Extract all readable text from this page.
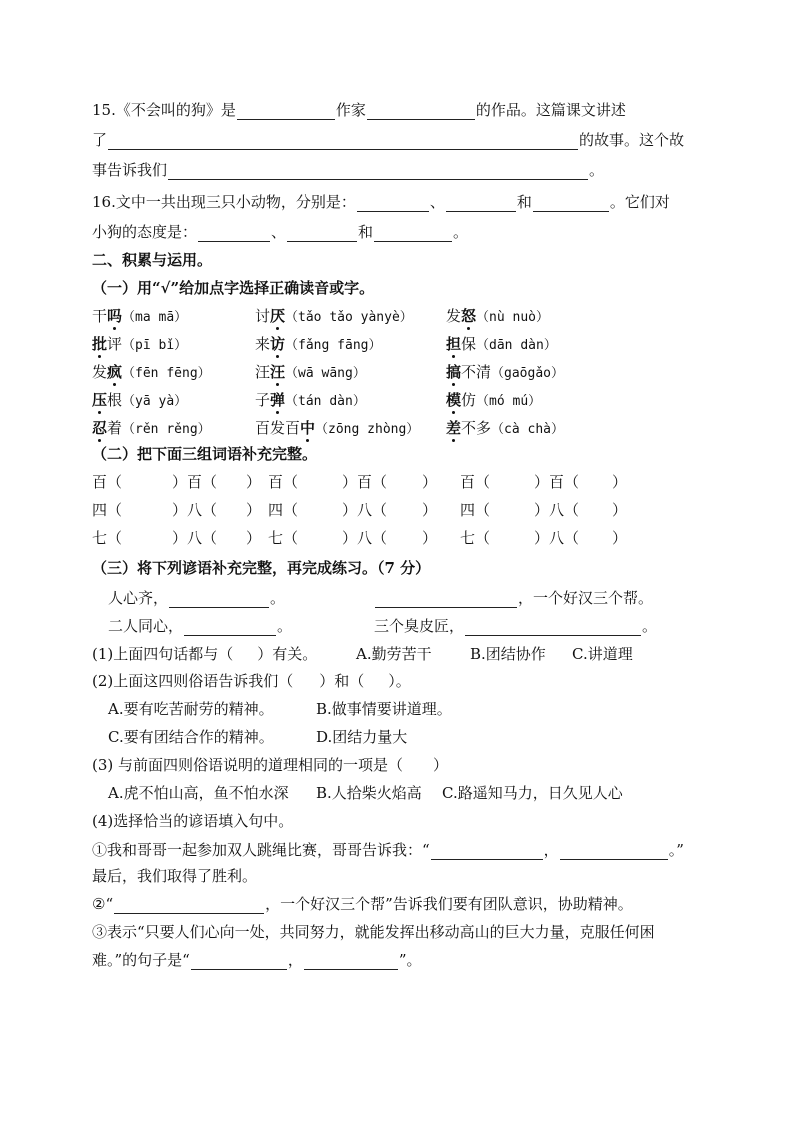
15.《不会叫的狗》是	作家	的作品。这篇课文讲述
了	的故事。这个故
事告诉我们	。
16.文中一共出现三只小动物，分别是：	、	和	。它们对
小狗的态度是：	、	和	。
二、积累与运用。
（一）用“√”给加点字选择正确读音或字。
干吗（ma mā）	讨厌（tǎo tǎo yànyè） 发怒（nù nuò）
批评（pī bǐ）	来访（fǎng fāng）	担保（dān dàn）
发疯（fēn fēng）	汪汪（wā wāng）	搞不清（gaōgǎo）
压根（yā yà）	子弹（tán dàn）	模仿（mó mú）
忍着（rěn rěng）	百发百中（zōng zhòng） 差不多（cà chà）
（二）把下面三组词语补充完整。
百（	）百（ ） 百（	）百（ ） 百（	）百（ ）
四（	）八（ ） 四（	）八（ ） 四（	）八（ ）
七（	）八（ ） 七（	）八（ ） 七（	）八（ ）
（三）将下列谚语补充完整，再完成练习。（7 分）
人心齐，	。	，一个好汉三个帮。
二人同心，	。	三个臭皮匠，	。
(1)上面四句话都与（ ）有关。	A.勤劳苦干	B.团结协作 C.讲道理
(2)上面这四则俗语告诉我们（ ）和（ ）。
A.要有吃苦耐劳的精神。	B.做事情要讲道理。
C.要有团结合作的精神。	D.团结力量大
(3) 与前面四则俗语说明的道理相同的一项是（　　）
A.虎不怕山高，鱼不怕水深 B.人拾柴火焰高 C.路遥知马力，日久见人心
(4)选择恰当的谚语填入句中。
①我和哥哥一起参加双人跳绳比赛，哥哥告诉我：“	，	。”
最后，我们取得了胜利。
②“	，一个好汉三个帮”告诉我们要有团队意识，协助精神。
③表示“只要人们心向一处，共同努力，就能发挥出移动高山的巨大力量，克服任何困
难。”的句子是“	，	”。
